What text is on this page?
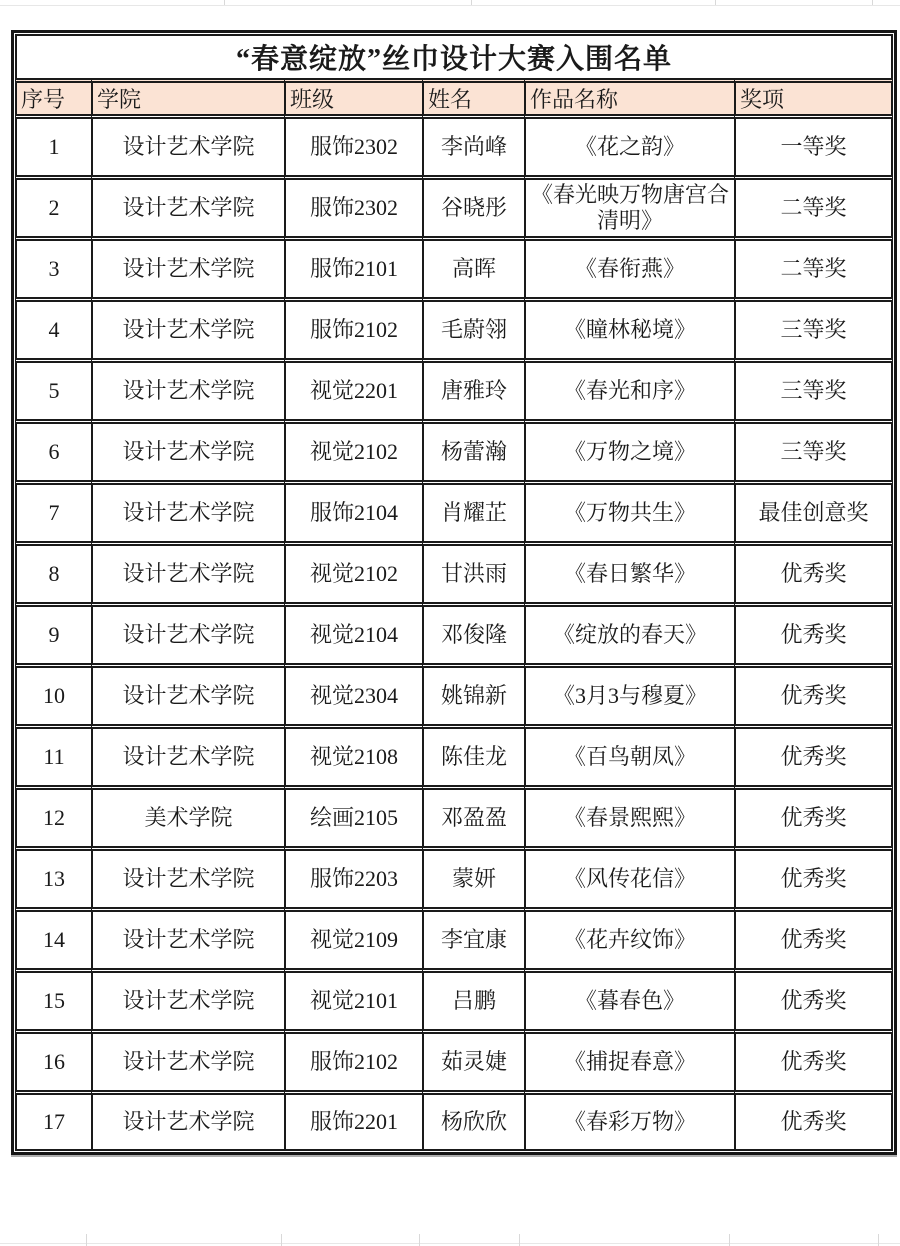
“春意绽放”丝巾设计大赛入围名单					
序号	学院	班级	姓名	作品名称	奖项
1	设计艺术学院	服饰2302	李尚峰	《花之韵》	一等奖
2	设计艺术学院	服饰2302	谷晓彤	《春光映万物唐宫合清明》	二等奖
3	设计艺术学院	服饰2101	高晖	《春衔燕》	二等奖
4	设计艺术学院	服饰2102	毛蔚翎	《瞳林秘境》	三等奖
5	设计艺术学院	视觉2201	唐雅玲	《春光和序》	三等奖
6	设计艺术学院	视觉2102	杨蕾瀚	《万物之境》	三等奖
7	设计艺术学院	服饰2104	肖耀芷	《万物共生》	最佳创意奖
8	设计艺术学院	视觉2102	甘洪雨	《春日繁华》	优秀奖
9	设计艺术学院	视觉2104	邓俊隆	《绽放的春天》	优秀奖
10	设计艺术学院	视觉2304	姚锦新	《3月3与穆夏》	优秀奖
11	设计艺术学院	视觉2108	陈佳龙	《百鸟朝凤》	优秀奖
12	美术学院	绘画2105	邓盈盈	《春景熙熙》	优秀奖
13	设计艺术学院	服饰2203	蒙妍	《风传花信》	优秀奖
14	设计艺术学院	视觉2109	李宜康	《花卉纹饰》	优秀奖
15	设计艺术学院	视觉2101	吕鹏	《暮春色》	优秀奖
16	设计艺术学院	服饰2102	茹灵婕	《捕捉春意》	优秀奖
17	设计艺术学院	服饰2201	杨欣欣	《春彩万物》	优秀奖
